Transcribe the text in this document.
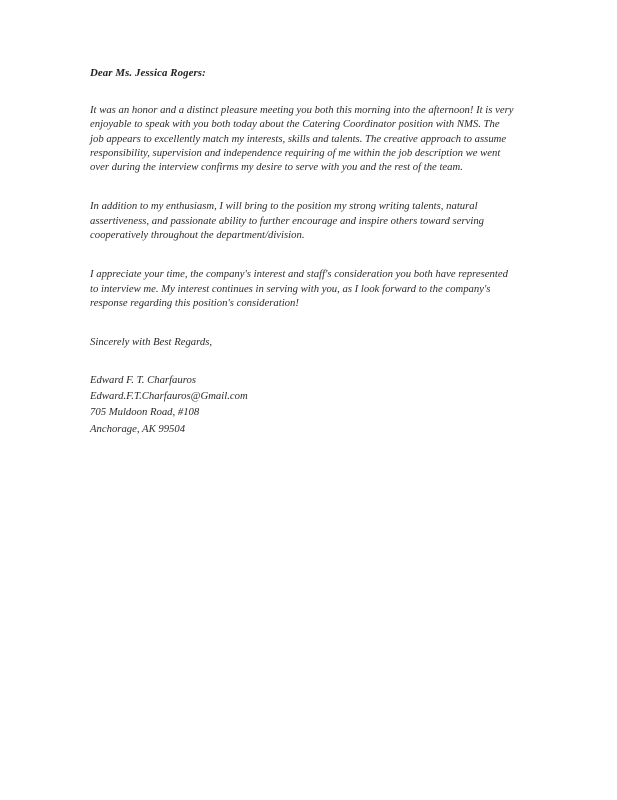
Dear Ms. Jessica Rogers:

It was an honor and a distinct pleasure meeting you both this morning into the afternoon! It is very enjoyable to speak with you both today about the Catering Coordinator position with NMS. The job appears to excellently match my interests, skills and talents. The creative approach to assume responsibility, supervision and independence requiring of me within the job description we went over during the interview confirms my desire to serve with you and the rest of the team.

In addition to my enthusiasm, I will bring to the position my strong writing talents, natural assertiveness, and passionate ability to further encourage and inspire others toward serving cooperatively throughout the department/division.

I appreciate your time, the company's interest and staff's consideration you both have represented to interview me. My interest continues in serving with you, as I look forward to the company's response regarding this position's consideration!

Sincerely with Best Regards,

Edward F. T. Charfauros
Edward.F.T.Charfauros@Gmail.com
705 Muldoon Road, #108
Anchorage, AK 99504
